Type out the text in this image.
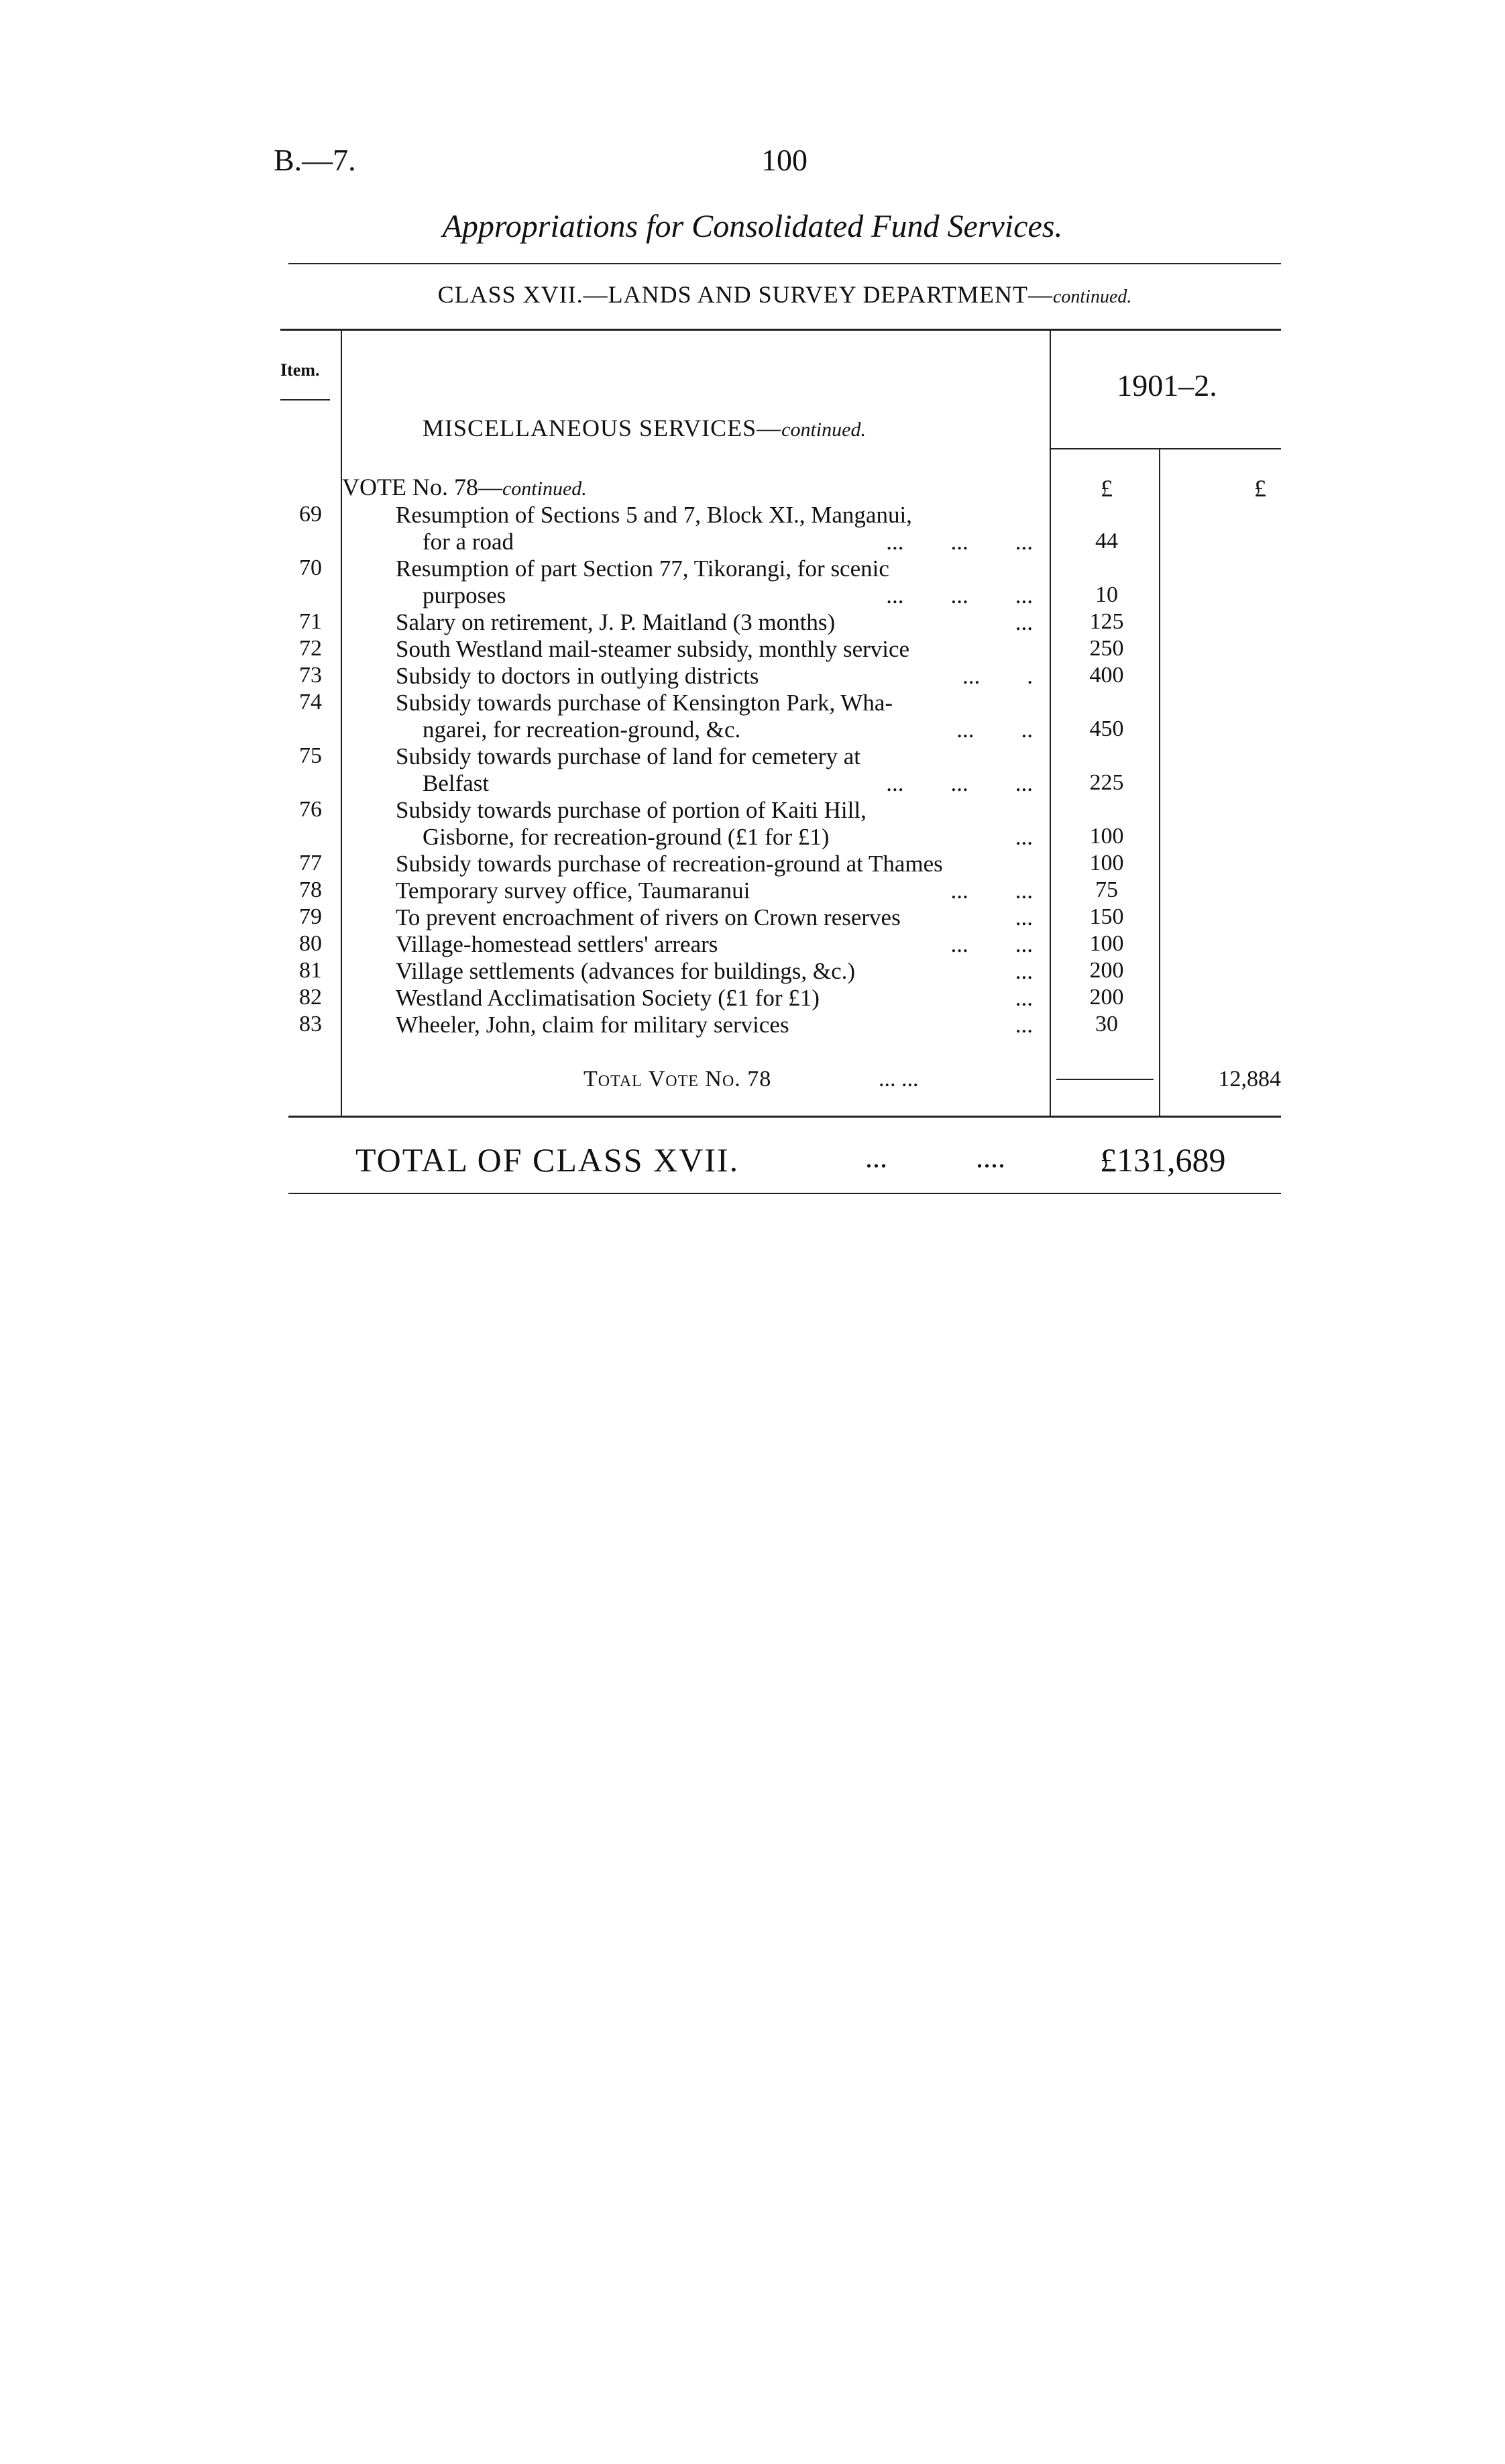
B.—7.	100
Appropriations for Consolidated Fund Services.
CLASS XVII.—LANDS AND SURVEY DEPARTMENT—continued.
Item.	1901–2.
MISCELLANEOUS SERVICES—continued.
VOTE No. 78—continued.	£	£
69	Resumption of Sections 5 and 7, Block XI., Manganui,
for a road	...        ...        ...	44
70	Resumption of part Section 77, Tikorangi, for scenic
purposes	...        ...        ...	10
71	Salary on retirement, J. P. Maitland (3 months)	...	125
72	South Westland mail-steamer subsidy, monthly service	250
73	Subsidy to doctors in outlying districts	...        .	400
74	Subsidy towards purchase of Kensington Park, Wha-
ngarei, for recreation-ground, &c.	...        ..	450
75	Subsidy towards purchase of land for cemetery at
Belfast	...        ...        ...	225
76	Subsidy towards purchase of portion of Kaiti Hill,
Gisborne, for recreation-ground (£1 for £1)	...	100
77	Subsidy towards purchase of recreation-ground at Thames	100
78	Temporary survey office, Taumaranui	...        ...	75
79	To prevent encroachment of rivers on Crown reserves	...	150
80	Village-homestead settlers' arrears	...        ...	100
81	Village settlements (advances for buildings, &c.)	...	200
82	Westland Acclimatisation Society (£1 for £1)	...	200
83	Wheeler, John, claim for military services	...	30
Total Vote No. 78	... ...	12,884
TOTAL OF CLASS XVII.	...	....	£131,689
